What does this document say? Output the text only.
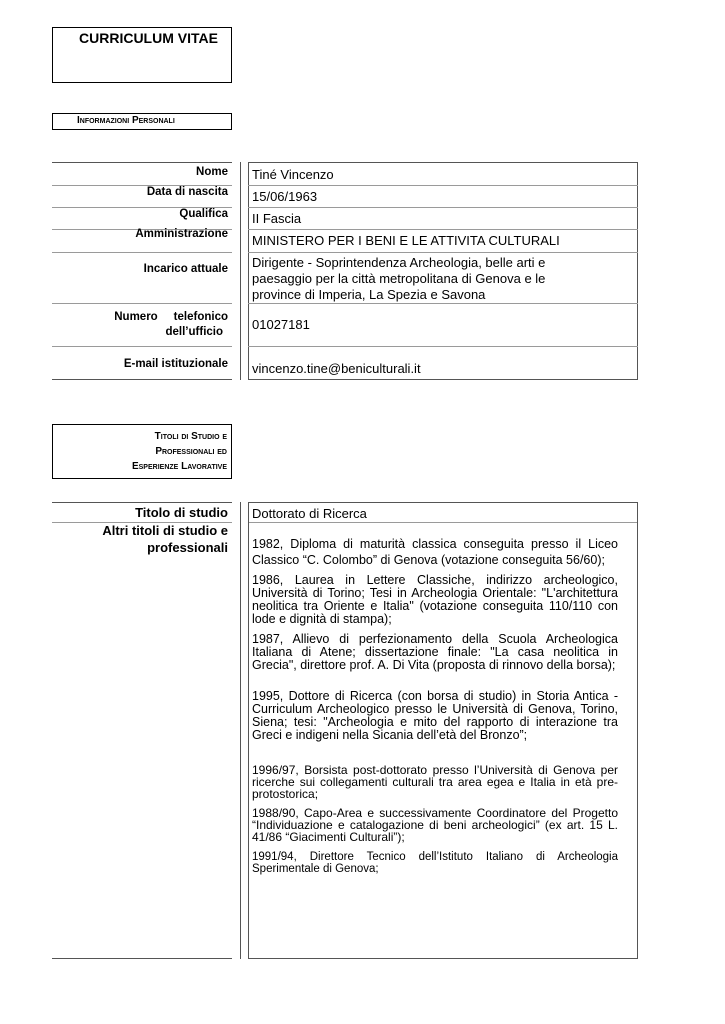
CURRICULUM VITAE
Informazioni Personali
Nome Tiné Vincenzo
Data di nascita 15/06/1963
Qualifica II Fascia
Amministrazione MINISTERO PER I BENI E LE ATTIVITA CULTURALI
Incarico attuale Dirigente - Soprintendenza Archeologia, belle arti e
paesaggio per la città metropolitana di Genova e le
province di Imperia, La Spezia e Savona
Numero     telefonico
dell’ufficio 01027181
E-mail istituzionale vincenzo.tine@beniculturali.it
Titoli di Studio e
Professionali ed
Esperienze Lavorative
Titolo di studio Dottorato di Ricerca
Altri titoli di studio e
professionali 1982, Diploma di maturità classica conseguita presso il Liceo Classico “C. Colombo” di Genova (votazione conseguita 56/60);
1986, Laurea in Lettere Classiche, indirizzo archeologico, Università di Torino; Tesi in Archeologia Orientale: "L'architettura neolitica tra Oriente e Italia" (votazione conseguita 110/110 con lode e dignità di stampa);
1987, Allievo di perfezionamento della Scuola Archeologica Italiana di Atene; dissertazione finale: "La casa neolitica in Grecia", direttore prof. A. Di Vita (proposta di rinnovo della borsa);
1995, Dottore di Ricerca (con borsa di studio) in Storia Antica - Curriculum Archeologico presso le Università di Genova, Torino, Siena; tesi: "Archeologia e mito del rapporto di interazione tra Greci e indigeni nella Sicania dell’età del Bronzo”;
1996/97, Borsista post-dottorato presso l’Università di Genova per ricerche sui collegamenti culturali tra area egea e Italia in età pre-protostorica;
1988/90, Capo-Area e successivamente Coordinatore del Progetto “Individuazione e catalogazione di beni archeologici” (ex art. 15 L. 41/86 “Giacimenti Culturali”);
1991/94, Direttore Tecnico dell’Istituto Italiano di Archeologia Sperimentale di Genova;
